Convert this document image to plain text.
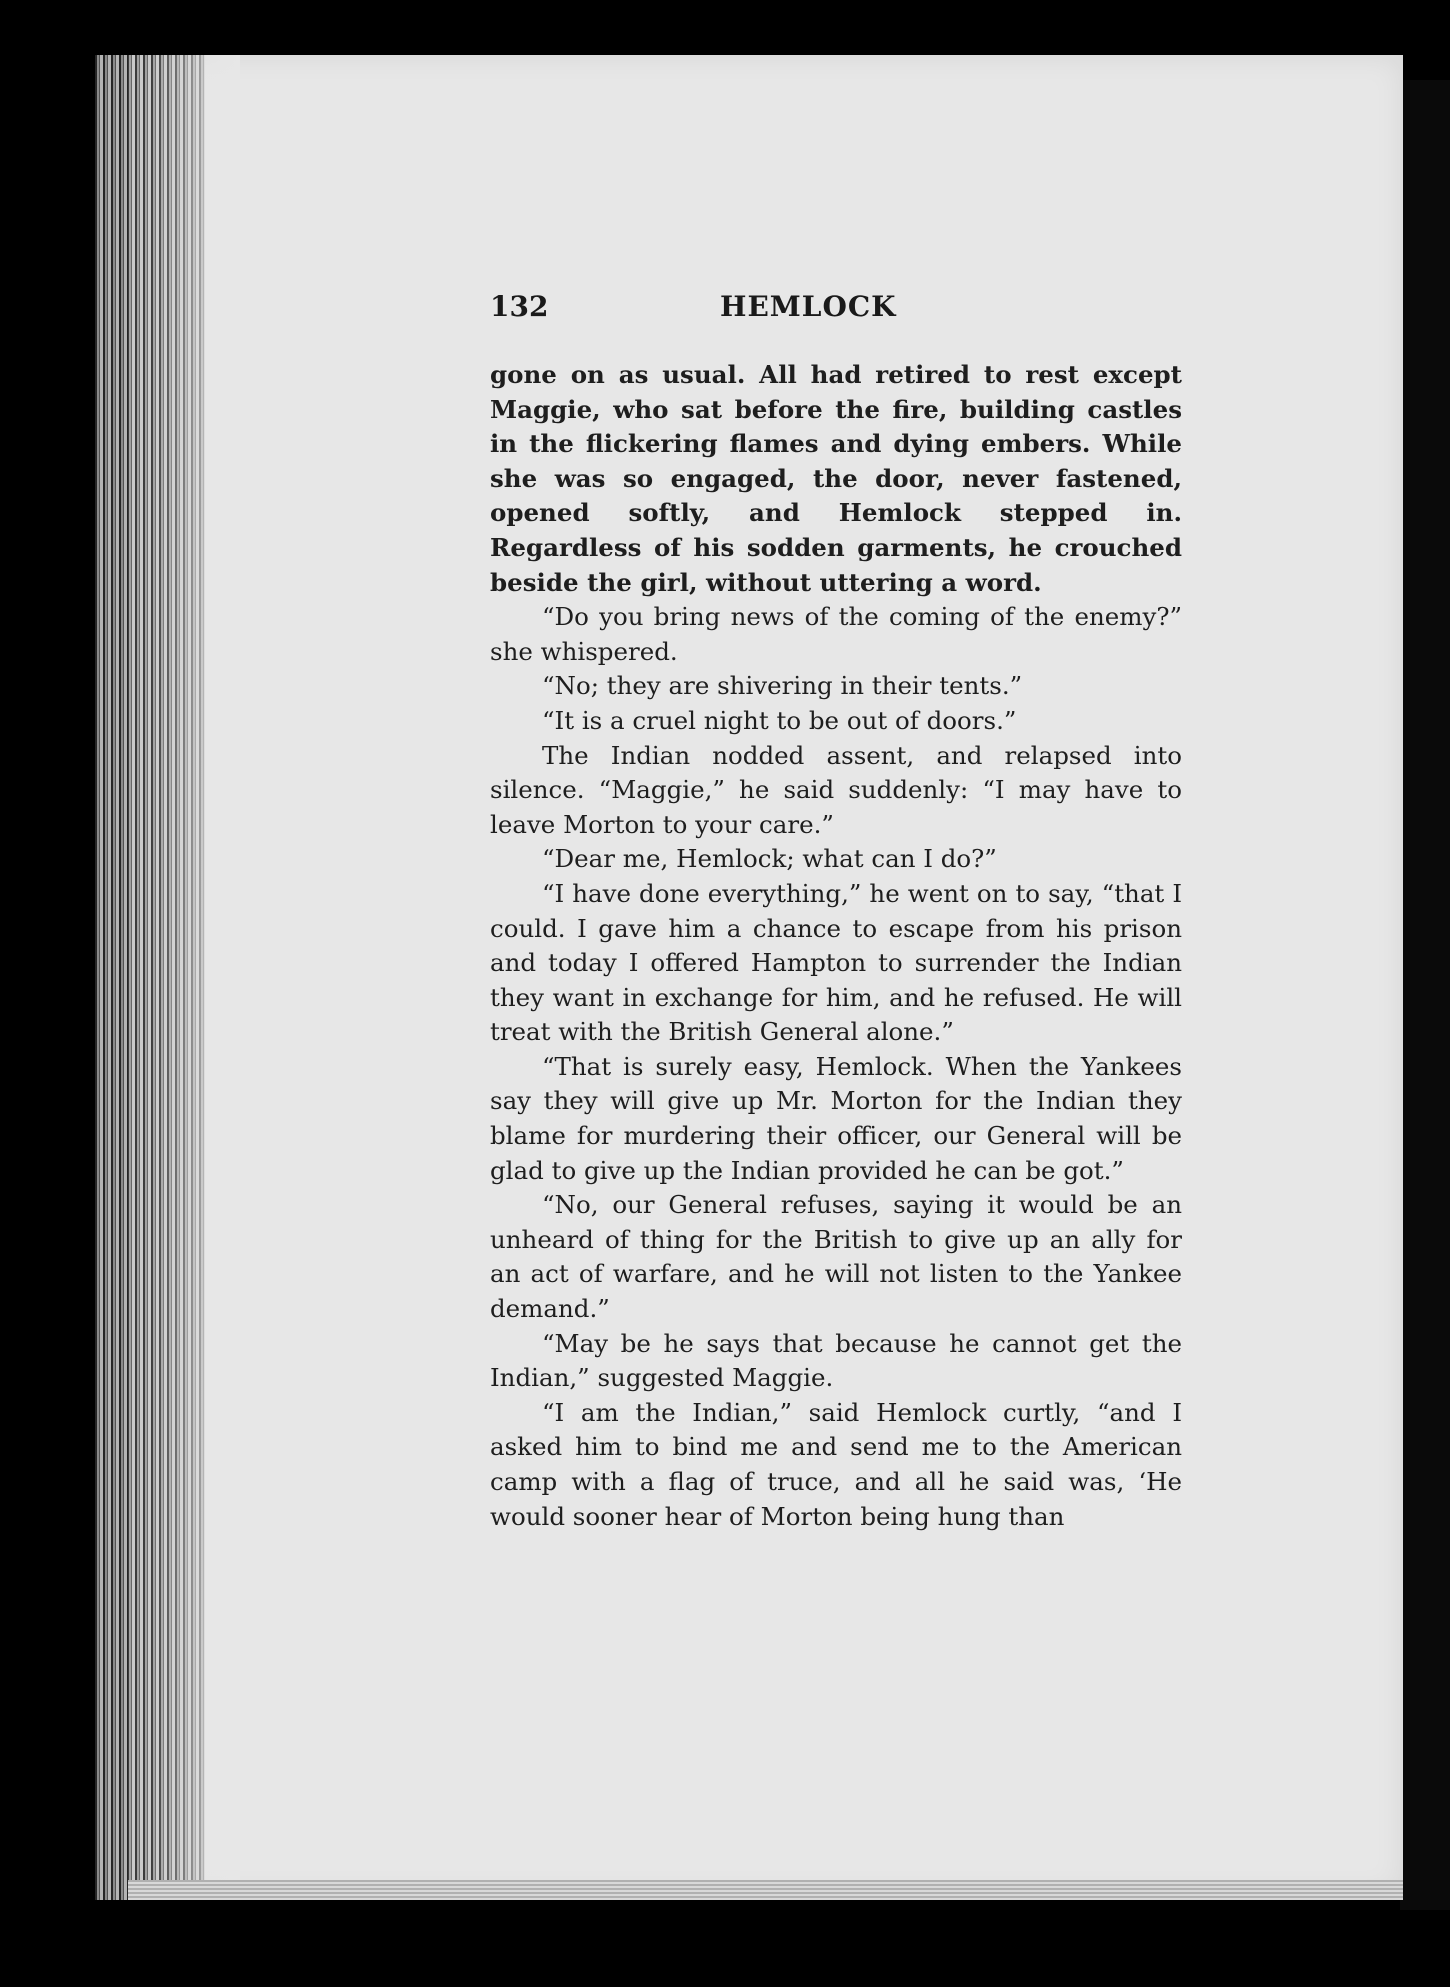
132	HEMLOCK

gone on as usual. All had retired to rest except Maggie, who sat before the fire, building castles in the flickering flames and dying embers. While she was so engaged, the door, never fastened, opened softly, and Hemlock stepped in. Regardless of his sodden garments, he crouched beside the girl, without uttering a word.

“Do you bring news of the coming of the enemy?” she whispered.

“No; they are shivering in their tents.”

“It is a cruel night to be out of doors.”

The Indian nodded assent, and relapsed into silence. “Maggie,” he said suddenly: “I may have to leave Morton to your care.”

“Dear me, Hemlock; what can I do?”

“I have done everything,” he went on to say, “that I could. I gave him a chance to escape from his prison and today I offered Hampton to surrender the Indian they want in exchange for him, and he refused. He will treat with the British General alone.”

“That is surely easy, Hemlock. When the Yankees say they will give up Mr. Morton for the Indian they blame for murdering their officer, our General will be glad to give up the Indian provided he can be got.”

“No, our General refuses, saying it would be an unheard of thing for the British to give up an ally for an act of warfare, and he will not listen to the Yankee demand.”

“May be he says that because he cannot get the Indian,” suggested Maggie.

“I am the Indian,” said Hemlock curtly, “and I asked him to bind me and send me to the American camp with a flag of truce, and all he said was, ‘He would sooner hear of Morton being hung than
